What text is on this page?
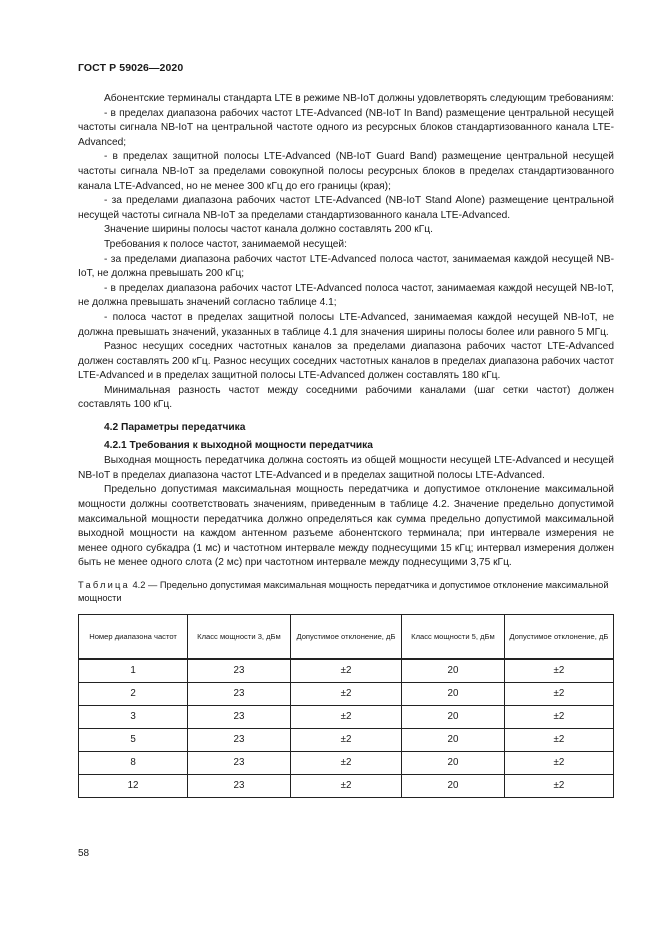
ГОСТ Р 59026—2020

Абонентские терминалы стандарта LTE в режиме NB-IoT должны удовлетворять следующим требованиям:

- в пределах диапазона рабочих частот LTE-Advanced (NB-IoT In Band) размещение центральной несущей частоты сигнала NB-IoT на центральной частоте одного из ресурсных блоков стандартизованного канала LTE-Advanced;

- в пределах защитной полосы LTE-Advanced (NB-IoT Guard Band) размещение центральной несущей частоты сигнала NB-IoT за пределами совокупной полосы ресурсных блоков в пределах стандартизованного канала LTE-Advanced, но не менее 300 кГц до его границы (края);

- за пределами диапазона рабочих частот LTE-Advanced (NB-IoT Stand Alone) размещение центральной несущей частоты сигнала NB-IoT за пределами стандартизованного канала LTE-Advanced.

Значение ширины полосы частот канала должно составлять 200 кГц.

Требования к полосе частот, занимаемой несущей:

- за пределами диапазона рабочих частот LTE-Advanced полоса частот, занимаемая каждой несущей NB-IoT, не должна превышать 200 кГц;

- в пределах диапазона рабочих частот LTE-Advanced полоса частот, занимаемая каждой несущей NB-IoT, не должна превышать значений согласно таблице 4.1;

- полоса частот в пределах защитной полосы LTE-Advanced, занимаемая каждой несущей NB-IoT, не должна превышать значений, указанных в таблице 4.1 для значения ширины полосы более или равного 5 МГц.

Разнос несущих соседних частотных каналов за пределами диапазона рабочих частот LTE-Advanced должен составлять 200 кГц. Разнос несущих соседних частотных каналов в пределах диапазона рабочих частот LTE-Advanced и в пределах защитной полосы LTE-Advanced должен составлять 180 кГц.

Минимальная разность частот между соседними рабочими каналами (шаг сетки частот) должен составлять 100 кГц.

4.2 Параметры передатчика
4.2.1 Требования к выходной мощности передатчика

Выходная мощность передатчика должна состоять из общей мощности несущей LTE-Advanced и несущей NB-IoT в пределах диапазона частот LTE-Advanced и в пределах защитной полосы LTE-Advanced.

Предельно допустимая максимальная мощность передатчика и допустимое отклонение максимальной мощности должны соответствовать значениям, приведенным в таблице 4.2. Значение предельно допустимой максимальной мощности передатчика должно определяться как сумма предельно допустимой максимальной выходной мощности на каждом антенном разъеме абонентского терминала; при интервале измерения не менее одного субкадра (1 мс) и частотном интервале между поднесущими 15 кГц; интервал измерения должен быть не менее одного слота (2 мс) при частотном интервале между поднесущими 3,75 кГц.

Таблица 4.2 — Предельно допустимая максимальная мощность передатчика и допустимое отклонение максимальной мощности
Номер диапазона частот	Класс мощности 3, дБм	Допустимое отклонение, дБ	Класс мощности 5, дБм	Допустимое отклонение, дБ
1	23	±2	20	±2
2	23	±2	20	±2
3	23	±2	20	±2
5	23	±2	20	±2
8	23	±2	20	±2
12	23	±2	20	±2
58
